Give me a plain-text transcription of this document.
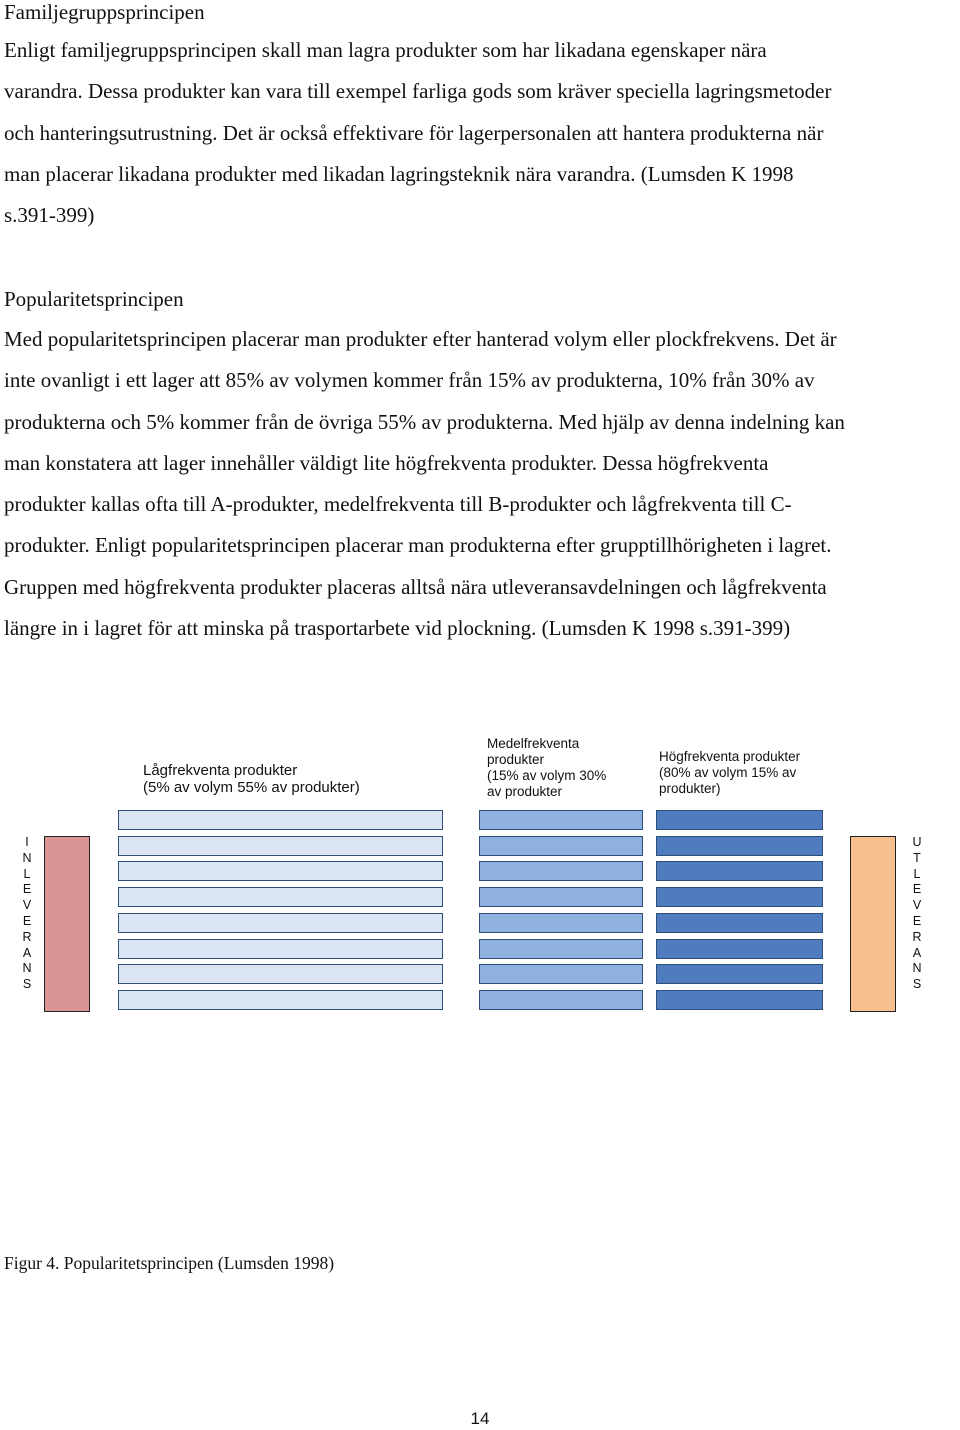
Familjegruppsprincipen

Enligt familjegruppsprincipen skall man lagra produkter som har likadana egenskaper nära
varandra. Dessa produkter kan vara till exempel farliga gods som kräver speciella lagringsmetoder
och hanteringsutrustning. Det är också effektivare för lagerpersonalen att hantera produkterna när
man placerar likadana produkter med likadan lagringsteknik nära varandra. (Lumsden K 1998
s.391-399)

Popularitetsprincipen

Med popularitetsprincipen placerar man produkter efter hanterad volym eller plockfrekvens. Det är
inte ovanligt i ett lager att 85% av volymen kommer från 15% av produkterna, 10% från 30% av
produkterna och 5% kommer från de övriga 55% av produkterna. Med hjälp av denna indelning kan
man konstatera att lager innehåller väldigt lite högfrekventa produkter. Dessa högfrekventa
produkter kallas ofta till A-produkter, medelfrekventa till B-produkter och lågfrekventa till C-
produkter. Enligt popularitetsprincipen placerar man produkterna efter grupptillhörigheten i lagret.
Gruppen med högfrekventa produkter placeras alltså nära utleveransavdelningen och lågfrekventa
längre in i lagret för att minska på trasportarbete vid plockning. (Lumsden K 1998 s.391-399)

Lågfrekventa produkter
(5% av volym 55% av produkter)
Medelfrekventa
produkter
(15% av volym 30%
av produkter
Högfrekventa produkter
(80% av volym 15% av
produkter)
I
N
L
E
V
E
R
A
N
S
U
T
L
E
V
E
R
A
N
S

Figur 4. Popularitetsprincipen (Lumsden 1998)

14
